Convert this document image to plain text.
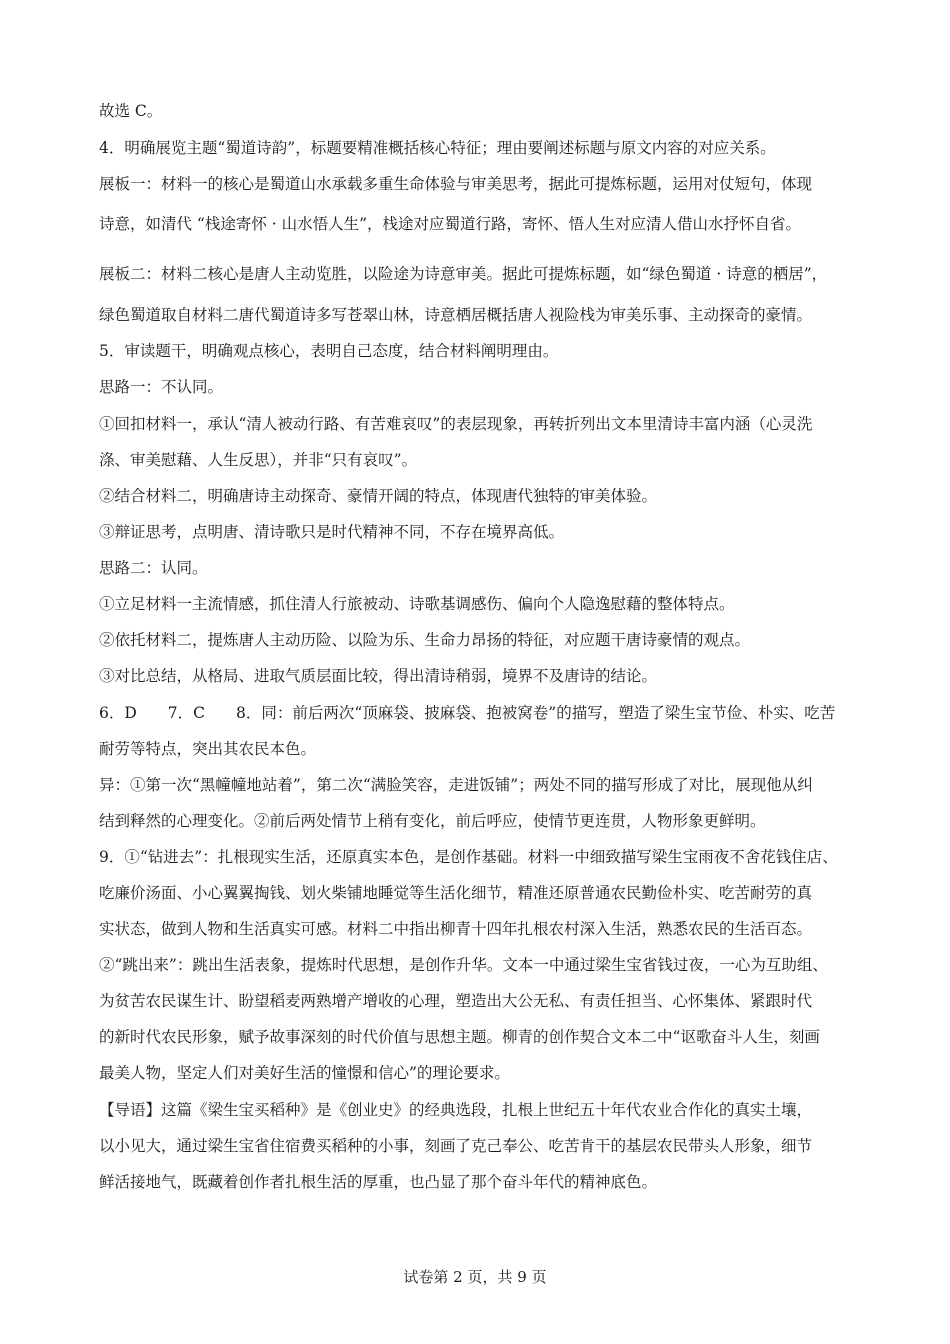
故选 C。
4．明确展览主题“蜀道诗韵”，标题要精准概括核心特征；理由要阐述标题与原文内容的对应关系。
展板一：材料一的核心是蜀道山水承载多重生命体验与审美思考，据此可提炼标题，运用对仗短句，体现
诗意，如清代 “栈途寄怀 · 山水悟人生”，栈途对应蜀道行路，寄怀、悟人生对应清人借山水抒怀自省。
展板二：材料二核心是唐人主动览胜，以险途为诗意审美。据此可提炼标题，如“绿色蜀道 · 诗意的栖居”，
绿色蜀道取自材料二唐代蜀道诗多写苍翠山林，诗意栖居概括唐人视险栈为审美乐事、主动探奇的豪情。
5．审读题干，明确观点核心，表明自己态度，结合材料阐明理由。
思路一：不认同。
①回扣材料一，承认“清人被动行路、有苦难哀叹”的表层现象，再转折列出文本里清诗丰富内涵（心灵洗
涤、审美慰藉、人生反思），并非“只有哀叹”。
②结合材料二，明确唐诗主动探奇、豪情开阔的特点，体现唐代独特的审美体验。
③辩证思考，点明唐、清诗歌只是时代精神不同，不存在境界高低。
思路二：认同。
①立足材料一主流情感，抓住清人行旅被动、诗歌基调感伤、偏向个人隐逸慰藉的整体特点。
②依托材料二，提炼唐人主动历险、以险为乐、生命力昂扬的特征，对应题干唐诗豪情的观点。
③对比总结，从格局、进取气质层面比较，得出清诗稍弱，境界不及唐诗的结论。
6．D　　7．C　　8．同：前后两次“顶麻袋、披麻袋、抱被窝卷”的描写，塑造了梁生宝节俭、朴实、吃苦
耐劳等特点，突出其农民本色。
异：①第一次“黑幢幢地站着”，第二次“满脸笑容，走进饭铺”；两处不同的描写形成了对比，展现他从纠
结到释然的心理变化。②前后两处情节上稍有变化，前后呼应，使情节更连贯，人物形象更鲜明。
9．①“钻进去”：扎根现实生活，还原真实本色，是创作基础。材料一中细致描写梁生宝雨夜不舍花钱住店、
吃廉价汤面、小心翼翼掏钱、划火柴铺地睡觉等生活化细节，精准还原普通农民勤俭朴实、吃苦耐劳的真
实状态，做到人物和生活真实可感。材料二中指出柳青十四年扎根农村深入生活，熟悉农民的生活百态。
②“跳出来”：跳出生活表象，提炼时代思想，是创作升华。文本一中通过梁生宝省钱过夜，一心为互助组、
为贫苦农民谋生计、盼望稻麦两熟增产增收的心理，塑造出大公无私、有责任担当、心怀集体、紧跟时代
的新时代农民形象，赋予故事深刻的时代价值与思想主题。柳青的创作契合文本二中“讴歌奋斗人生，刻画
最美人物，坚定人们对美好生活的憧憬和信心”的理论要求。
【导语】这篇《梁生宝买稻种》是《创业史》的经典选段，扎根上世纪五十年代农业合作化的真实土壤，
以小见大，通过梁生宝省住宿费买稻种的小事，刻画了克己奉公、吃苦肯干的基层农民带头人形象，细节
鲜活接地气，既藏着创作者扎根生活的厚重，也凸显了那个奋斗年代的精神底色。
试卷第 2 页，共 9 页
